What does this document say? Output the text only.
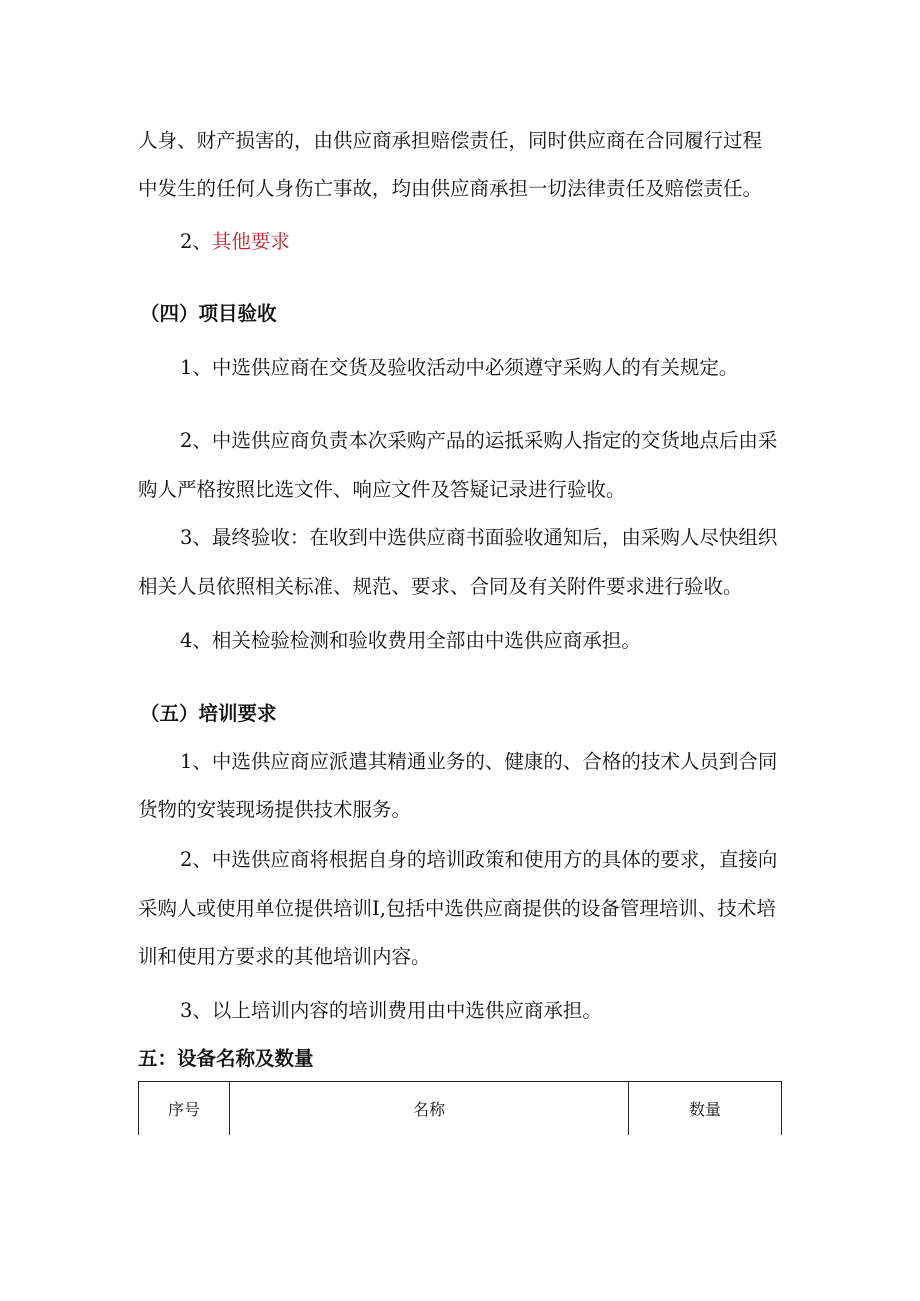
人身、财产损害的，由供应商承担赔偿责任，同时供应商在合同履行过程
中发生的任何人身伤亡事故，均由供应商承担一切法律责任及赔偿责任。
2、其他要求
（四）项目验收
1、中选供应商在交货及验收活动中必须遵守采购人的有关规定。
2、中选供应商负责本次采购产品的运抵采购人指定的交货地点后由采
购人严格按照比选文件、响应文件及答疑记录进行验收。
3、最终验收：在收到中选供应商书面验收通知后，由采购人尽快组织
相关人员依照相关标准、规范、要求、合同及有关附件要求进行验收。
4、相关检验检测和验收费用全部由中选供应商承担。
（五）培训要求
1、中选供应商应派遣其精通业务的、健康的、合格的技术人员到合同
货物的安装现场提供技术服务。
2、中选供应商将根据自身的培训政策和使用方的具体的要求，直接向
采购人或使用单位提供培训I,包括中选供应商提供的设备管理培训、技术培
训和使用方要求的其他培训内容。
3、以上培训内容的培训费用由中选供应商承担。
五：设备名称及数量
序号	名称	数量
